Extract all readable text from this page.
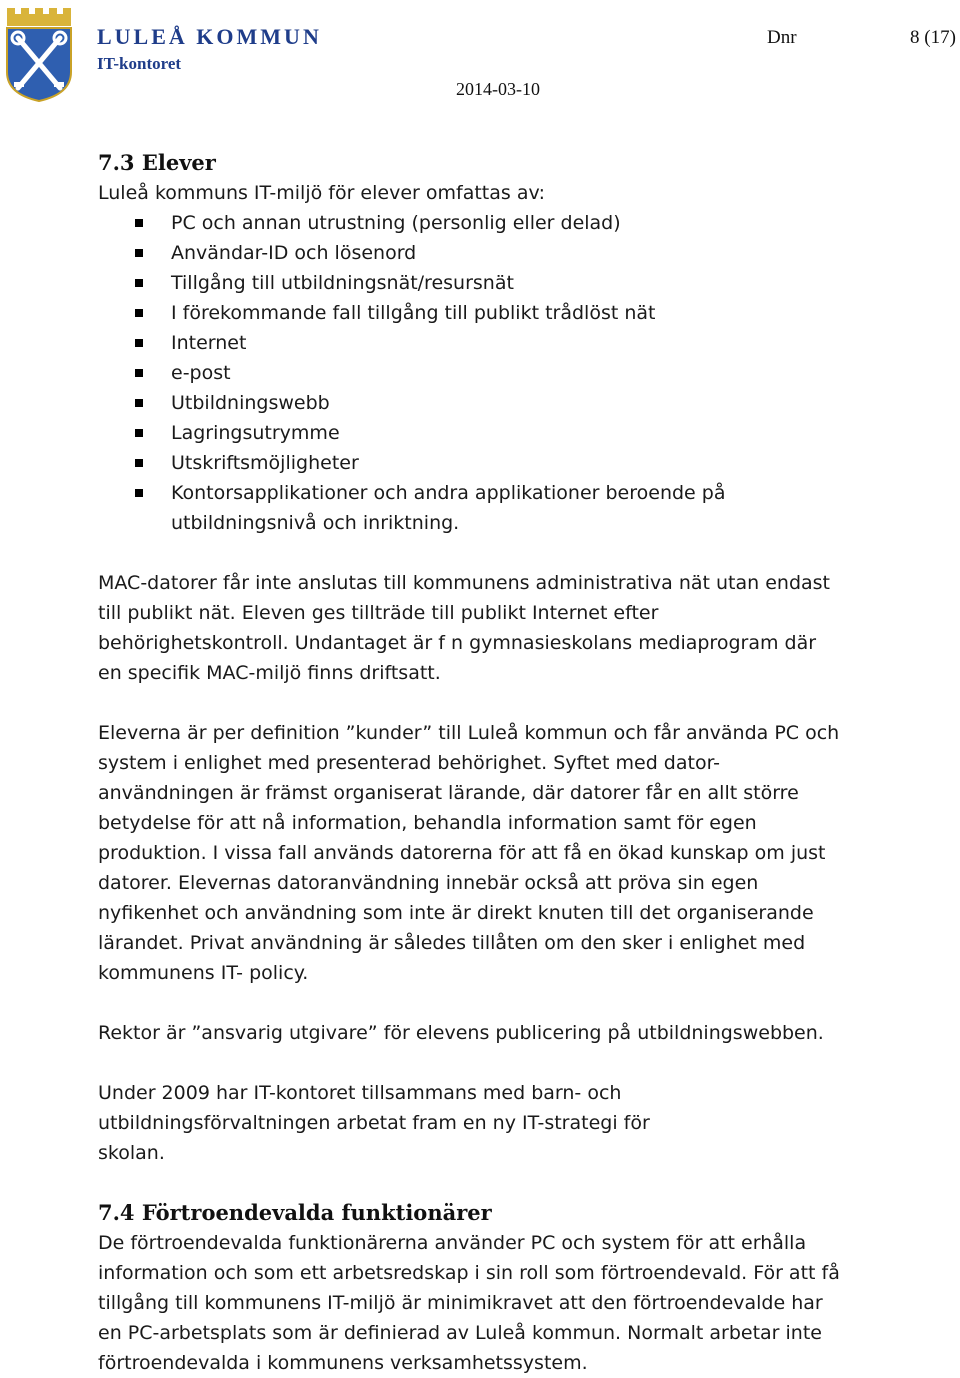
LULEÅ KOMMUN
IT-kontoret
Dnr	8 (17)
2014-03-10
7.3 Elever
Luleå kommuns IT-miljö för elever omfattas av:
PC och annan utrustning (personlig eller delad)
Användar-ID och lösenord
Tillgång till utbildningsnät/resursnät
I förekommande fall tillgång till publikt trådlöst nät
Internet
e-post
Utbildningswebb
Lagringsutrymme
Utskriftsmöjligheter
Kontorsapplikationer och andra applikationer beroende på utbildningsnivå och inriktning.
MAC-datorer får inte anslutas till kommunens administrativa nät utan endast till publikt nät. Eleven ges tillträde till publikt Internet efter behörighetskontroll. Undantaget är f n gymnasieskolans mediaprogram där en specifik MAC-miljö finns driftsatt.
Eleverna är per definition ”kunder” till Luleå kommun och får använda PC och system i enlighet med presenterad behörighet. Syftet med dator-användningen är främst organiserat lärande, där datorer får en allt större betydelse för att nå information, behandla information samt för egen produktion. I vissa fall används datorerna för att få en ökad kunskap om just datorer. Elevernas datoranvändning innebär också att pröva sin egen nyfikenhet och användning som inte är direkt knuten till det organiserande lärandet. Privat användning är således tillåten om den sker i enlighet med kommunens IT- policy.
Rektor är ”ansvarig utgivare” för elevens publicering på utbildningswebben.
Under 2009 har IT-kontoret tillsammans med barn- och utbildningsförvaltningen arbetat fram en ny IT-strategi för skolan.
7.4 Förtroendevalda funktionärer
De förtroendevalda funktionärerna använder PC och system för att erhålla information och som ett arbetsredskap i sin roll som förtroendevald. För att få tillgång till kommunens IT-miljö är minimikravet att den förtroendevalde har en PC-arbetsplats som är definierad av Luleå kommun. Normalt arbetar inte förtroendevalda i kommunens verksamhetssystem.
